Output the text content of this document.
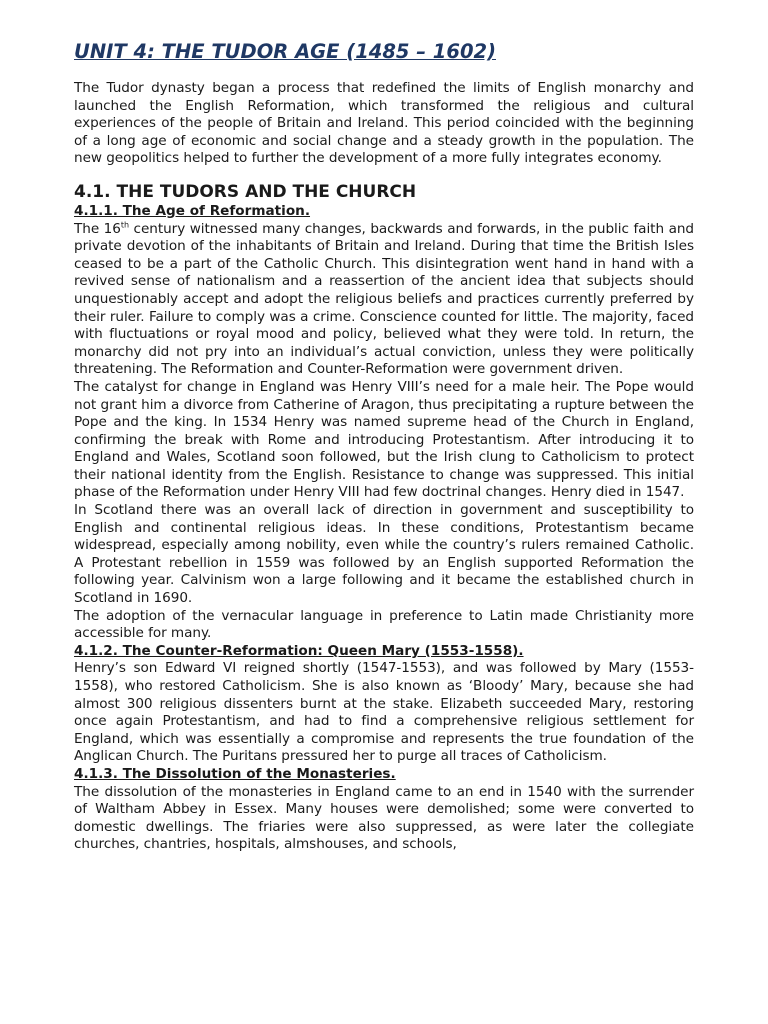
UNIT 4: THE TUDOR AGE (1485 – 1602)

The Tudor dynasty began a process that redefined the limits of English monarchy and launched the English Reformation, which transformed the religious and cultural experiences of the people of Britain and Ireland. This period coincided with the beginning of a long age of economic and social change and a steady growth in the population. The new geopolitics helped to further the development of a more fully integrates economy.

4.1. THE TUDORS AND THE CHURCH
4.1.1. The Age of Reformation.

The 16th century witnessed many changes, backwards and forwards, in the public faith and private devotion of the inhabitants of Britain and Ireland. During that time the British Isles ceased to be a part of the Catholic Church. This disintegration went hand in hand with a revived sense of nationalism and a reassertion of the ancient idea that subjects should unquestionably accept and adopt the religious beliefs and practices currently preferred by their ruler. Failure to comply was a crime. Conscience counted for little. The majority, faced with fluctuations or royal mood and policy, believed what they were told. In return, the monarchy did not pry into an individual’s actual conviction, unless they were politically threatening. The Reformation and Counter-Reformation were government driven.

The catalyst for change in England was Henry VIII’s need for a male heir. The Pope would not grant him a divorce from Catherine of Aragon, thus precipitating a rupture between the Pope and the king. In 1534 Henry was named supreme head of the Church in England, confirming the break with Rome and introducing Protestantism. After introducing it to England and Wales, Scotland soon followed, but the Irish clung to Catholicism to protect their national identity from the English. Resistance to change was suppressed. This initial phase of the Reformation under Henry VIII had few doctrinal changes. Henry died in 1547.

In Scotland there was an overall lack of direction in government and susceptibility to English and continental religious ideas. In these conditions, Protestantism became widespread, especially among nobility, even while the country’s rulers remained Catholic. A Protestant rebellion in 1559 was followed by an English supported Reformation the following year. Calvinism won a large following and it became the established church in Scotland in 1690.

The adoption of the vernacular language in preference to Latin made Christianity more accessible for many.

4.1.2. The Counter-Reformation: Queen Mary (1553-1558).

Henry’s son Edward VI reigned shortly (1547-1553), and was followed by Mary (1553-1558), who restored Catholicism. She is also known as ‘Bloody’ Mary, because she had almost 300 religious dissenters burnt at the stake. Elizabeth succeeded Mary, restoring once again Protestantism, and had to find a comprehensive religious settlement for England, which was essentially a compromise and represents the true foundation of the Anglican Church. The Puritans pressured her to purge all traces of Catholicism.

4.1.3. The Dissolution of the Monasteries.

The dissolution of the monasteries in England came to an end in 1540 with the surrender of Waltham Abbey in Essex. Many houses were demolished; some were converted to domestic dwellings. The friaries were also suppressed, as were later the collegiate churches, chantries, hospitals, almshouses, and schools,
